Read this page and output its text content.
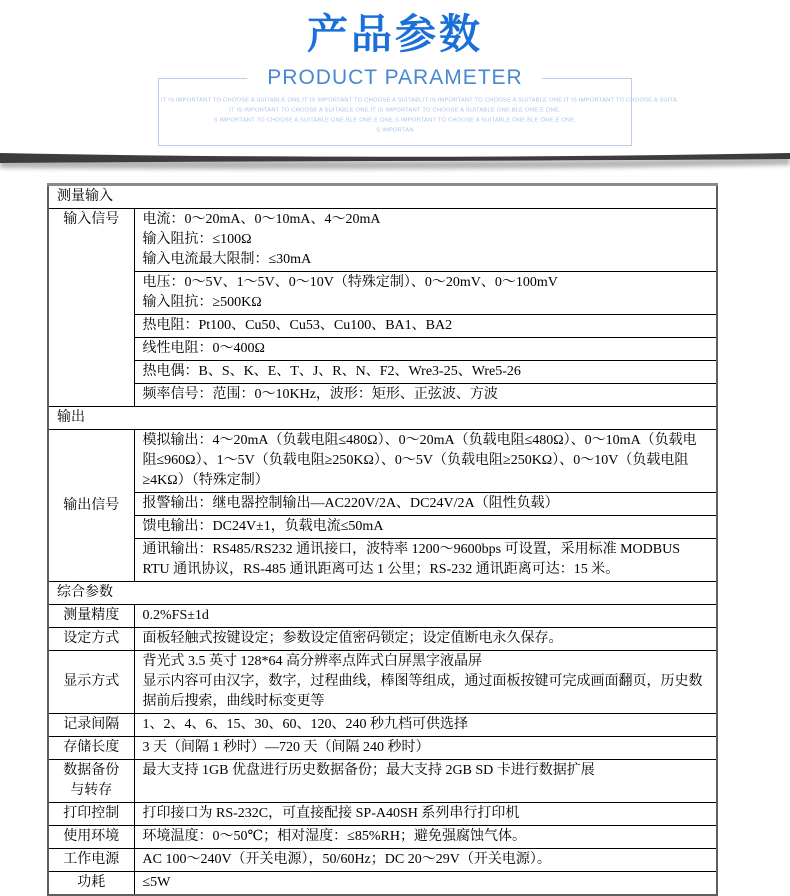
产品参数
PRODUCT PARAMETER
IT IS IMPORTANT TO CHOOSE A SUITABLE ONE.IT IS IMPORTANT TO CHOOSE A SUITABLIT IS IMPORTANT TO CHOOSE A SUITABLE ONE.IT IS IMPORTANT TO CHOOSE A SUITA
IT IS IMPORTANT TO CHOOSE A SUITABLE ONE.IT IS IMPORTANT TO CHOOSE A SUITABLE ONE.BLE ONE.E ONE.
S IMPORTANT TO CHOOSE A SUITABLE ONE.BLE ONE.E ONE.S IMPORTANT TO CHOOSE A SUITABLE ONE.BLE ONE.E ONE.
S IMPORTAN
测量输入	

输入信号	电流：0～20mA、0～10mA、4～20mA
输入阻抗：≤100Ω
输入电流最大限制：≤30mA

	电压：0～5V、1～5V、0～10V（特殊定制）、0～20mV、0～100mV
输入阻抗：≥500KΩ

	热电阻：Pt100、Cu50、Cu53、Cu100、BA1、BA2

	线性电阻：0～400Ω

	热电偶：B、S、K、E、T、J、R、N、F2、Wre3-25、Wre5-26

	频率信号：范围：0～10KHz，波形：矩形、正弦波、方波

输出	

输出信号	模拟输出：4～20mA（负载电阻≤480Ω）、0～20mA（负载电阻≤480Ω）、0～10mA（负载电阻≤960Ω）、1～5V（负载电阻≥250KΩ）、0～5V（负载电阻≥250KΩ）、0～10V（负载电阻≥4KΩ）（特殊定制）

	报警输出：继电器控制输出—AC220V/2A、DC24V/2A（阻性负载）

	馈电输出：DC24V±1，负载电流≤50mA

	通讯输出：RS485/RS232 通讯接口，波特率 1200～9600bps 可设置，采用标准 MODBUS RTU 通讯协议，RS-485 通讯距离可达 1 公里；RS-232 通讯距离可达：15 米。

综合参数	

测量精度	0.2%FS±1d

设定方式	面板轻触式按键设定；参数设定值密码锁定；设定值断电永久保存。

显示方式	背光式 3.5 英寸 128*64 高分辨率点阵式白屏黑字液晶屏
显示内容可由汉字，数字，过程曲线，棒图等组成，通过面板按键可完成画面翻页，历史数据前后搜索，曲线时标变更等

记录间隔	1、2、4、6、15、30、60、120、240 秒九档可供选择

存储长度	3 天（间隔 1 秒时）—720 天（间隔 240 秒时）

数据备份
与转存	最大支持 1GB 优盘进行历史数据备份；最大支持 2GB SD 卡进行数据扩展

打印控制	打印接口为 RS-232C，可直接配接 SP-A40SH 系列串行打印机

使用环境	环境温度：0～50℃；相对湿度：≤85%RH；避免强腐蚀气体。

工作电源	AC 100～240V（开关电源），50/60Hz；DC 20～29V（开关电源）。

功耗	≤5W
